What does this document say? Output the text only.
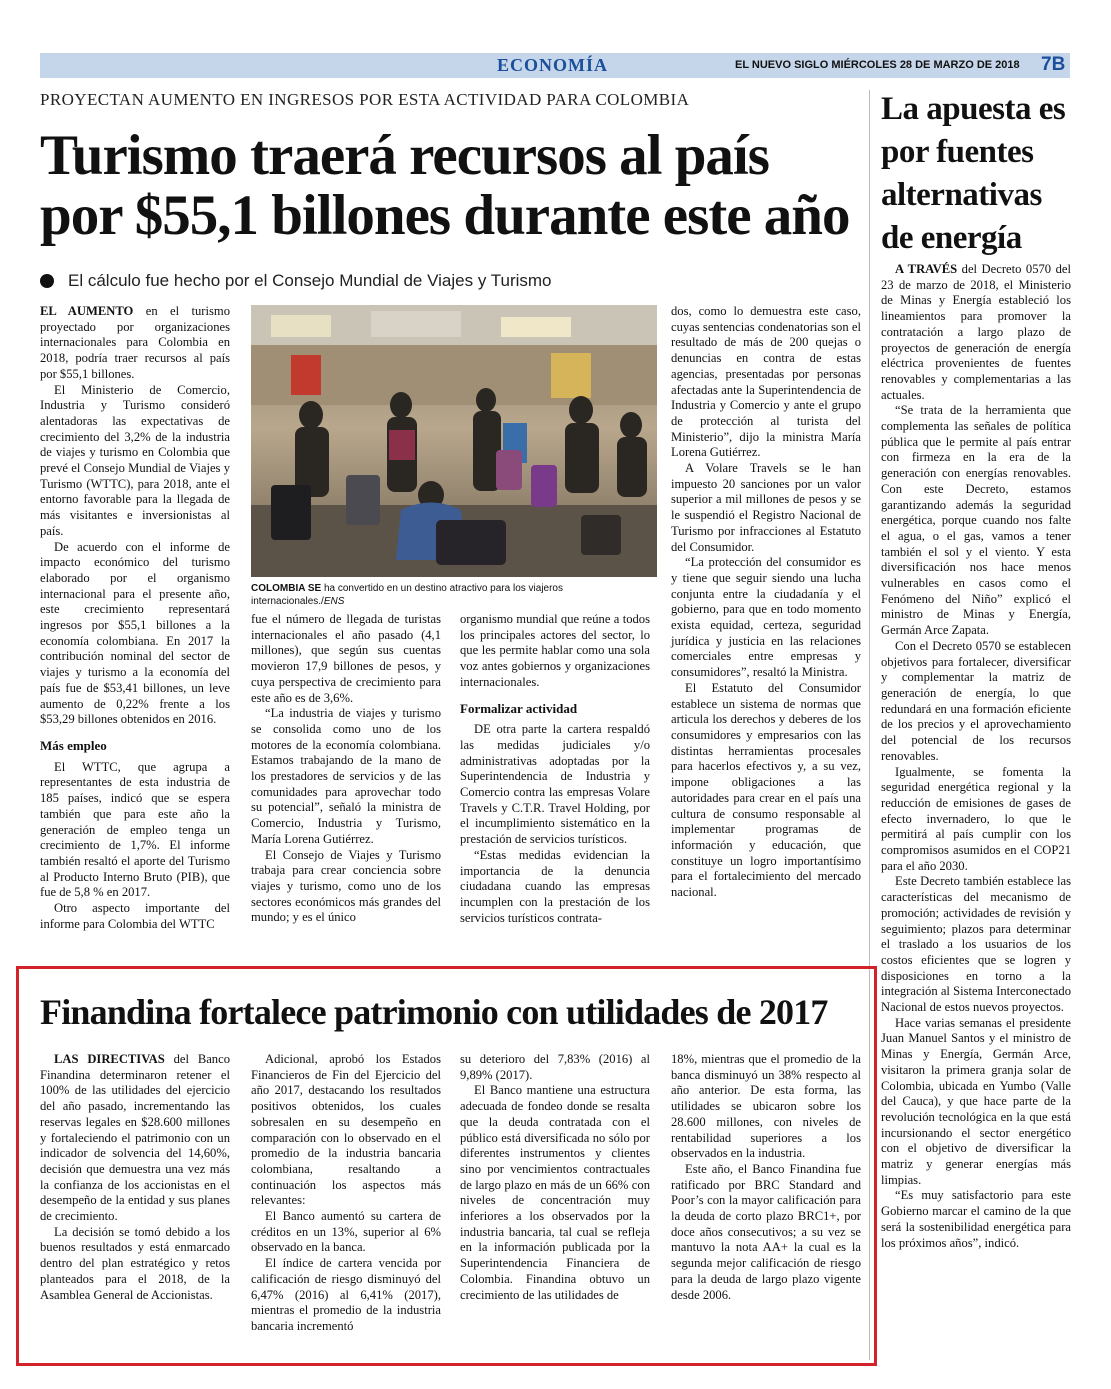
ECONOMÍA	EL NUEVO SIGLO MIÉRCOLES 28 DE MARZO DE 2018 7B
PROYECTAN AUMENTO EN INGRESOS POR ESTA ACTIVIDAD PARA COLOMBIA
Turismo traerá recursos al país por $55,1 billones durante este año
El cálculo fue hecho por el Consejo Mundial de Viajes y Turismo

EL AUMENTO en el turismo proyectado por organizaciones internacionales para Colombia en 2018, podría traer recursos al país por $55,1 billones.

El Ministerio de Comercio, Industria y Turismo consideró alentadoras las expectativas de crecimiento del 3,2% de la industria de viajes y turismo en Colombia que prevé el Consejo Mundial de Viajes y Turismo (WTTC), para 2018, ante el entorno favorable para la llegada de más visitantes e inversionistas al país.

De acuerdo con el informe de impacto económico del turismo elaborado por el organismo internacional para el presente año, este crecimiento representará ingresos por $55,1 billones a la economía colombiana. En 2017 la contribución nominal del sector de viajes y turismo a la economía del país fue de $53,41 billones, un leve aumento de 0,22% frente a los $53,29 billones obtenidos en 2016.

Más empleo

El WTTC, que agrupa a representantes de esta industria de 185 países, indicó que se espera también que para este año la generación de empleo tenga un crecimiento de 1,7%. El informe también resaltó el aporte del Turismo al Producto Interno Bruto (PIB), que fue de 5,8 % en 2017.

Otro aspecto importante del informe para Colombia del WTTC

COLOMBIA SE ha convertido en un destino atractivo para los viajeros internacionales./ENS

fue el número de llegada de turistas internacionales el año pasado (4,1 millones), que según sus cuentas movieron 17,9 billones de pesos, y cuya perspectiva de crecimiento para este año es de 3,6%.

“La industria de viajes y turismo se consolida como uno de los motores de la economía colombiana. Estamos trabajando de la mano de los prestadores de servicios y de las comunidades para aprovechar todo su potencial”, señaló la ministra de Comercio, Industria y Turismo, María Lorena Gutiérrez.

El Consejo de Viajes y Turismo trabaja para crear conciencia sobre viajes y turismo, como uno de los sectores económicos más grandes del mundo; y es el único

organismo mundial que reúne a todos los principales actores del sector, lo que les permite hablar como una sola voz antes gobiernos y organizaciones internacionales.

Formalizar actividad

DE otra parte la cartera respaldó las medidas judiciales y/o administrativas adoptadas por la Superintendencia de Industria y Comercio contra las empresas Volare Travels y C.T.R. Travel Holding, por el incumplimiento sistemático en la prestación de servicios turísticos.

“Estas medidas evidencian la importancia de la denuncia ciudadana cuando las empresas incumplen con la prestación de los servicios turísticos contrata-

dos, como lo demuestra este caso, cuyas sentencias condenatorias son el resultado de más de 200 quejas o denuncias en contra de estas agencias, presentadas por personas afectadas ante la Superintendencia de Industria y Comercio y ante el grupo de protección al turista del Ministerio”, dijo la ministra María Lorena Gutiérrez.

A Volare Travels se le han impuesto 20 sanciones por un valor superior a mil millones de pesos y se le suspendió el Registro Nacional de Turismo por infracciones al Estatuto del Consumidor.

“La protección del consumidor es y tiene que seguir siendo una lucha conjunta entre la ciudadanía y el gobierno, para que en todo momento exista equidad, certeza, seguridad jurídica y justicia en las relaciones comerciales entre empresas y consumidores”, resaltó la Ministra.

El Estatuto del Consumidor establece un sistema de normas que articula los derechos y deberes de los consumidores y empresarios con las distintas herramientas procesales para hacerlos efectivos y, a su vez, impone obligaciones a las autoridades para crear en el país una cultura de consumo responsable al implementar programas de información y educación, que constituye un logro importantísimo para el fortalecimiento del mercado nacional.

La apuesta es por fuentes alternativas de energía

A TRAVÉS del Decreto 0570 del 23 de marzo de 2018, el Ministerio de Minas y Energía estableció los lineamientos para promover la contratación a largo plazo de proyectos de generación de energía eléctrica provenientes de fuentes renovables y complementarias a las actuales.

“Se trata de la herramienta que complementa las señales de política pública que le permite al país entrar con firmeza en la era de la generación con energías renovables. Con este Decreto, estamos garantizando además la seguridad energética, porque cuando nos falte el agua, o el gas, vamos a tener también el sol y el viento. Y esta diversificación nos hace menos vulnerables en casos como el Fenómeno del Niño” explicó el ministro de Minas y Energía, Germán Arce Zapata.

Con el Decreto 0570 se establecen objetivos para fortalecer, diversificar y complementar la matriz de generación de energía, lo que redundará en una formación eficiente de los precios y el aprovechamiento del potencial de los recursos renovables.

Igualmente, se fomenta la seguridad energética regional y la reducción de emisiones de gases de efecto invernadero, lo que le permitirá al país cumplir con los compromisos asumidos en el COP21 para el año 2030.

Este Decreto también establece las características del mecanismo de promoción; actividades de revisión y seguimiento; plazos para determinar el traslado a los usuarios de los costos eficientes que se logren y disposiciones en torno a la integración al Sistema Interconectado Nacional de estos nuevos proyectos.

Hace varias semanas el presidente Juan Manuel Santos y el ministro de Minas y Energía, Germán Arce, visitaron la primera granja solar de Colombia, ubicada en Yumbo (Valle del Cauca), y que hace parte de la revolución tecnológica en la que está incursionando el sector energético con el objetivo de diversificar la matriz y generar energías más limpias.

“Es muy satisfactorio para este Gobierno marcar el camino de la que será la sostenibilidad energética para los próximos años”, indicó.

Finandina fortalece patrimonio con utilidades de 2017

LAS DIRECTIVAS del Banco Finandina determinaron retener el 100% de las utilidades del ejercicio del año pasado, incrementando las reservas legales en $28.600 millones y fortaleciendo el patrimonio con un indicador de solvencia del 14,60%, decisión que demuestra una vez más la confianza de los accionistas en el desempeño de la entidad y sus planes de crecimiento.

La decisión se tomó debido a los buenos resultados y está enmarcado dentro del plan estratégico y retos planteados para el 2018, de la Asamblea General de Accionistas.

Adicional, aprobó los Estados Financieros de Fin del Ejercicio del año 2017, destacando los resultados positivos obtenidos, los cuales sobresalen en su desempeño en comparación con lo observado en el promedio de la industria bancaria colombiana, resaltando a continuación los aspectos más relevantes:

El Banco aumentó su cartera de créditos en un 13%, superior al 6% observado en la banca.

El índice de cartera vencida por calificación de riesgo disminuyó del 6,47% (2016) al 6,41% (2017), mientras el promedio de la industria bancaria incrementó

su deterioro del 7,83% (2016) al 9,89% (2017).

El Banco mantiene una estructura adecuada de fondeo donde se resalta que la deuda contratada con el público está diversificada no sólo por diferentes instrumentos y clientes sino por vencimientos contractuales de largo plazo en más de un 66% con niveles de concentración muy inferiores a los observados por la industria bancaria, tal cual se refleja en la información publicada por la Superintendencia Financiera de Colombia. Finandina obtuvo un crecimiento de las utilidades de

18%, mientras que el promedio de la banca disminuyó un 38% respecto al año anterior. De esta forma, las utilidades se ubicaron sobre los 28.600 millones, con niveles de rentabilidad superiores a los observados en la industria.

Este año, el Banco Finandina fue ratificado por BRC Standard and Poor’s con la mayor calificación para la deuda de corto plazo BRC1+, por doce años consecutivos; a su vez se mantuvo la nota AA+ la cual es la segunda mejor calificación de riesgo para la deuda de largo plazo vigente desde 2006.
